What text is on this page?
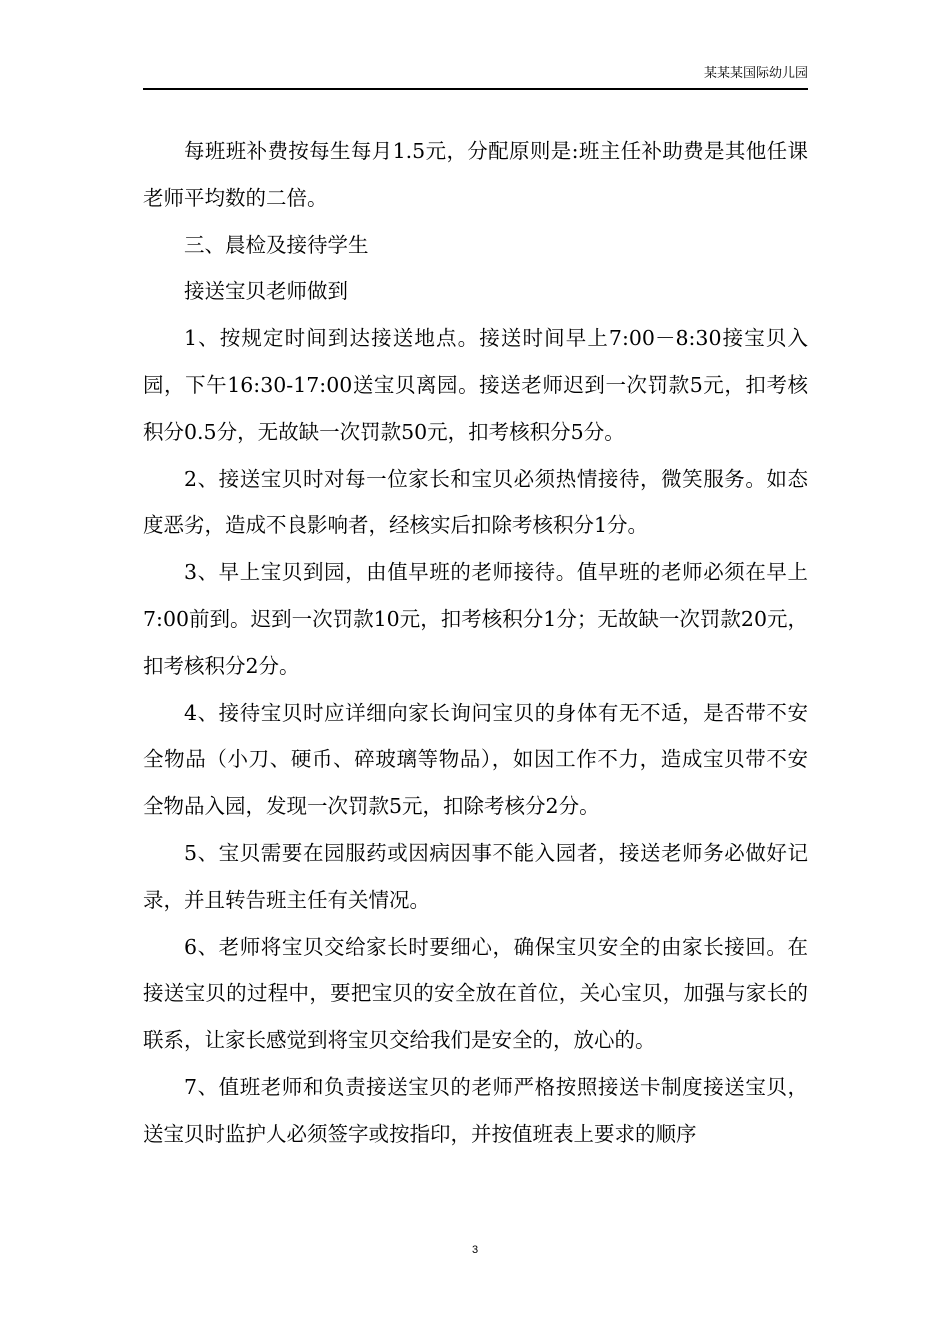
某某某国际幼儿园

每班班补费按每生每月1.5元，分配原则是:班主任补助费是其他任课老师平均数的二倍。

三、晨检及接待学生

接送宝贝老师做到

1、按规定时间到达接送地点。接送时间早上7:00－8:30接宝贝入园，下午16:30-17:00送宝贝离园。接送老师迟到一次罚款5元，扣考核积分0.5分，无故缺一次罚款50元，扣考核积分5分。

2、接送宝贝时对每一位家长和宝贝必须热情接待，微笑服务。如态度恶劣，造成不良影响者，经核实后扣除考核积分1分。

3、早上宝贝到园，由值早班的老师接待。值早班的老师必须在早上7:00前到。迟到一次罚款10元，扣考核积分1分；无故缺一次罚款20元，扣考核积分2分。

4、接待宝贝时应详细向家长询问宝贝的身体有无不适，是否带不安全物品（小刀、硬币、碎玻璃等物品），如因工作不力，造成宝贝带不安全物品入园，发现一次罚款5元，扣除考核分2分。

5、宝贝需要在园服药或因病因事不能入园者，接送老师务必做好记录，并且转告班主任有关情况。

6、老师将宝贝交给家长时要细心，确保宝贝安全的由家长接回。在接送宝贝的过程中，要把宝贝的安全放在首位，关心宝贝，加强与家长的联系，让家长感觉到将宝贝交给我们是安全的，放心的。

7、值班老师和负责接送宝贝的老师严格按照接送卡制度接送宝贝，送宝贝时监护人必须签字或按指印，并按值班表上要求的顺序

3
